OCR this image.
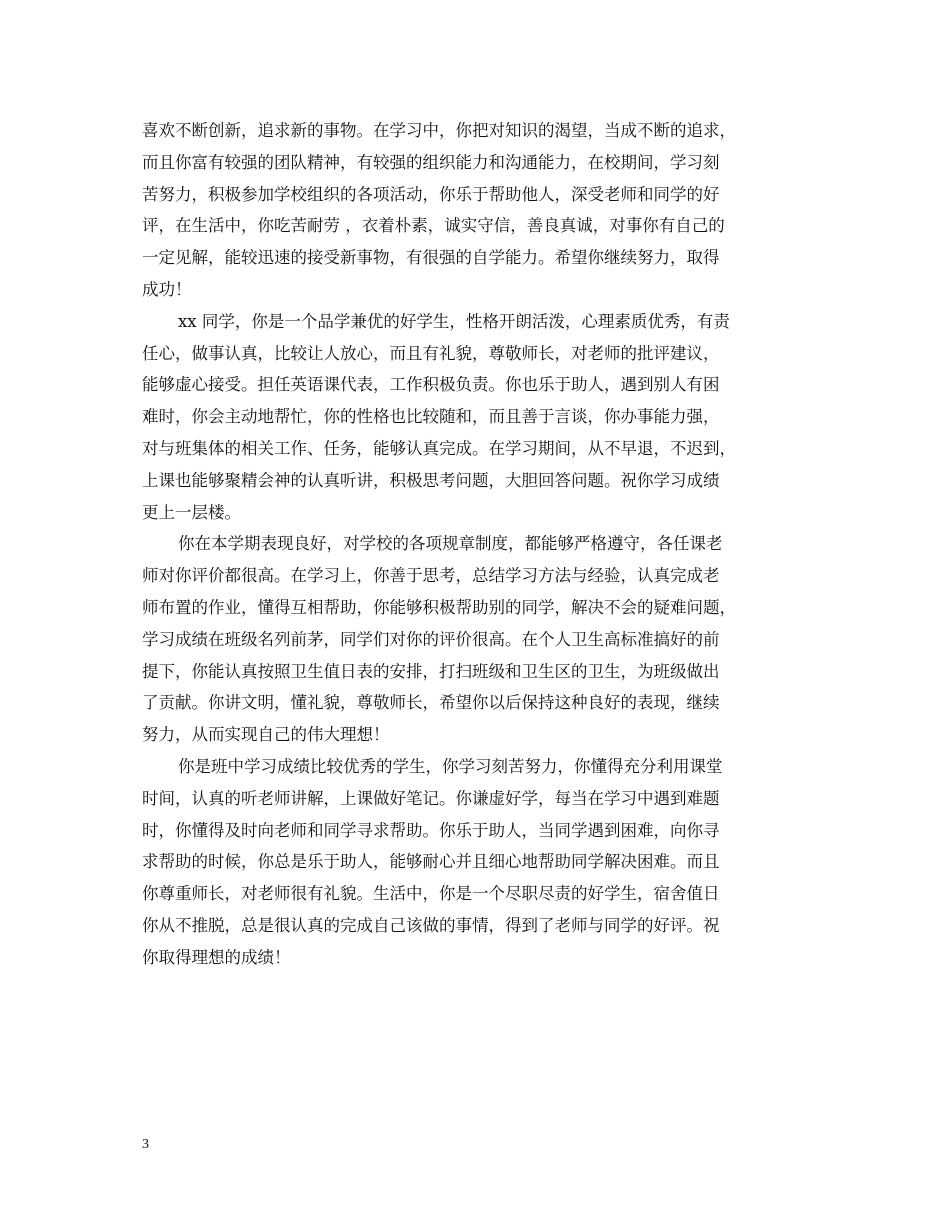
喜欢不断创新，追求新的事物。在学习中，你把对知识的渴望，当成不断的追求，
而且你富有较强的团队精神，有较强的组织能力和沟通能力，在校期间，学习刻
苦努力，积极参加学校组织的各项活动，你乐于帮助他人，深受老师和同学的好
评，在生活中，你吃苦耐劳 ，衣着朴素，诚实守信，善良真诚，对事你有自己的
一定见解，能较迅速的接受新事物，有很强的自学能力。希望你继续努力，取得
成功！
xx 同学，你是一个品学兼优的好学生，性格开朗活泼，心理素质优秀，有责
任心，做事认真，比较让人放心，而且有礼貌，尊敬师长，对老师的批评建议，
能够虚心接受。担任英语课代表，工作积极负责。你也乐于助人，遇到别人有困
难时，你会主动地帮忙，你的性格也比较随和，而且善于言谈，你办事能力强，
对与班集体的相关工作、任务，能够认真完成。在学习期间，从不早退，不迟到，
上课也能够聚精会神的认真听讲，积极思考问题，大胆回答问题。祝你学习成绩
更上一层楼。
你在本学期表现良好，对学校的各项规章制度，都能够严格遵守，各任课老
师对你评价都很高。在学习上，你善于思考，总结学习方法与经验，认真完成老
师布置的作业，懂得互相帮助，你能够积极帮助别的同学，解决不会的疑难问题，
学习成绩在班级名列前茅，同学们对你的评价很高。在个人卫生高标准搞好的前
提下，你能认真按照卫生值日表的安排，打扫班级和卫生区的卫生，为班级做出
了贡献。你讲文明，懂礼貌，尊敬师长，希望你以后保持这种良好的表现，继续
努力，从而实现自己的伟大理想！
你是班中学习成绩比较优秀的学生，你学习刻苦努力，你懂得充分利用课堂
时间，认真的听老师讲解，上课做好笔记。你谦虚好学，每当在学习中遇到难题
时，你懂得及时向老师和同学寻求帮助。你乐于助人，当同学遇到困难，向你寻
求帮助的时候，你总是乐于助人，能够耐心并且细心地帮助同学解决困难。而且
你尊重师长，对老师很有礼貌。生活中，你是一个尽职尽责的好学生，宿舍值日
你从不推脱，总是很认真的完成自己该做的事情，得到了老师与同学的好评。祝
你取得理想的成绩！
3
